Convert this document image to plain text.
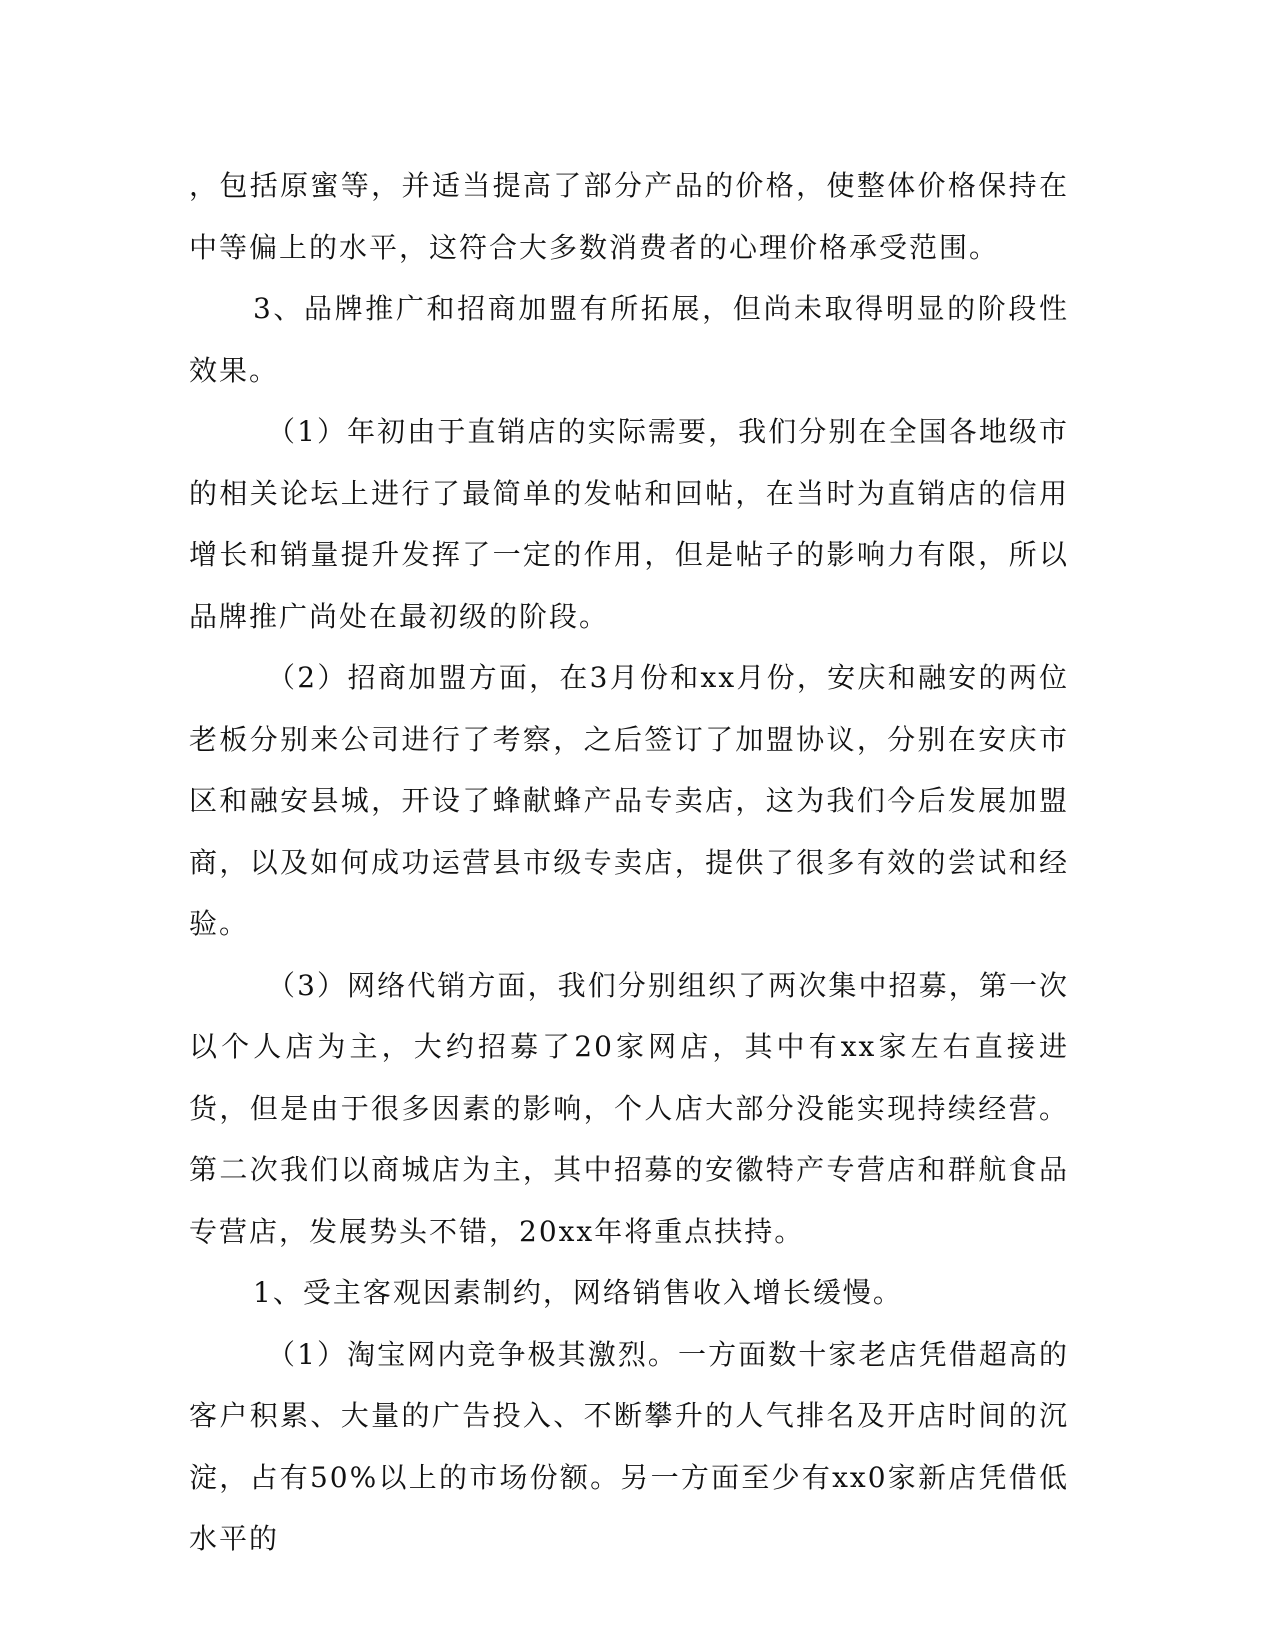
，包括原蜜等，并适当提高了部分产品的价格，使整体价格保持在中等偏上的水平，这符合大多数消费者的心理价格承受范围。

3、品牌推广和招商加盟有所拓展，但尚未取得明显的阶段性效果。

（1）年初由于直销店的实际需要，我们分别在全国各地级市的相关论坛上进行了最简单的发帖和回帖，在当时为直销店的信用增长和销量提升发挥了一定的作用，但是帖子的影响力有限，所以品牌推广尚处在最初级的阶段。

（2）招商加盟方面，在3月份和xx月份，安庆和融安的两位老板分别来公司进行了考察，之后签订了加盟协议，分别在安庆市区和融安县城，开设了蜂献蜂产品专卖店，这为我们今后发展加盟商，以及如何成功运营县市级专卖店，提供了很多有效的尝试和经验。

（3）网络代销方面，我们分别组织了两次集中招募，第一次以个人店为主，大约招募了20家网店，其中有xx家左右直接进货，但是由于很多因素的影响，个人店大部分没能实现持续经营。第二次我们以商城店为主，其中招募的安徽特产专营店和群航食品专营店，发展势头不错，20xx年将重点扶持。

1、受主客观因素制约，网络销售收入增长缓慢。

（1）淘宝网内竞争极其激烈。一方面数十家老店凭借超高的客户积累、大量的广告投入、不断攀升的人气排名及开店时间的沉淀，占有50%以上的市场份额。另一方面至少有xx0家新店凭借低水平的
